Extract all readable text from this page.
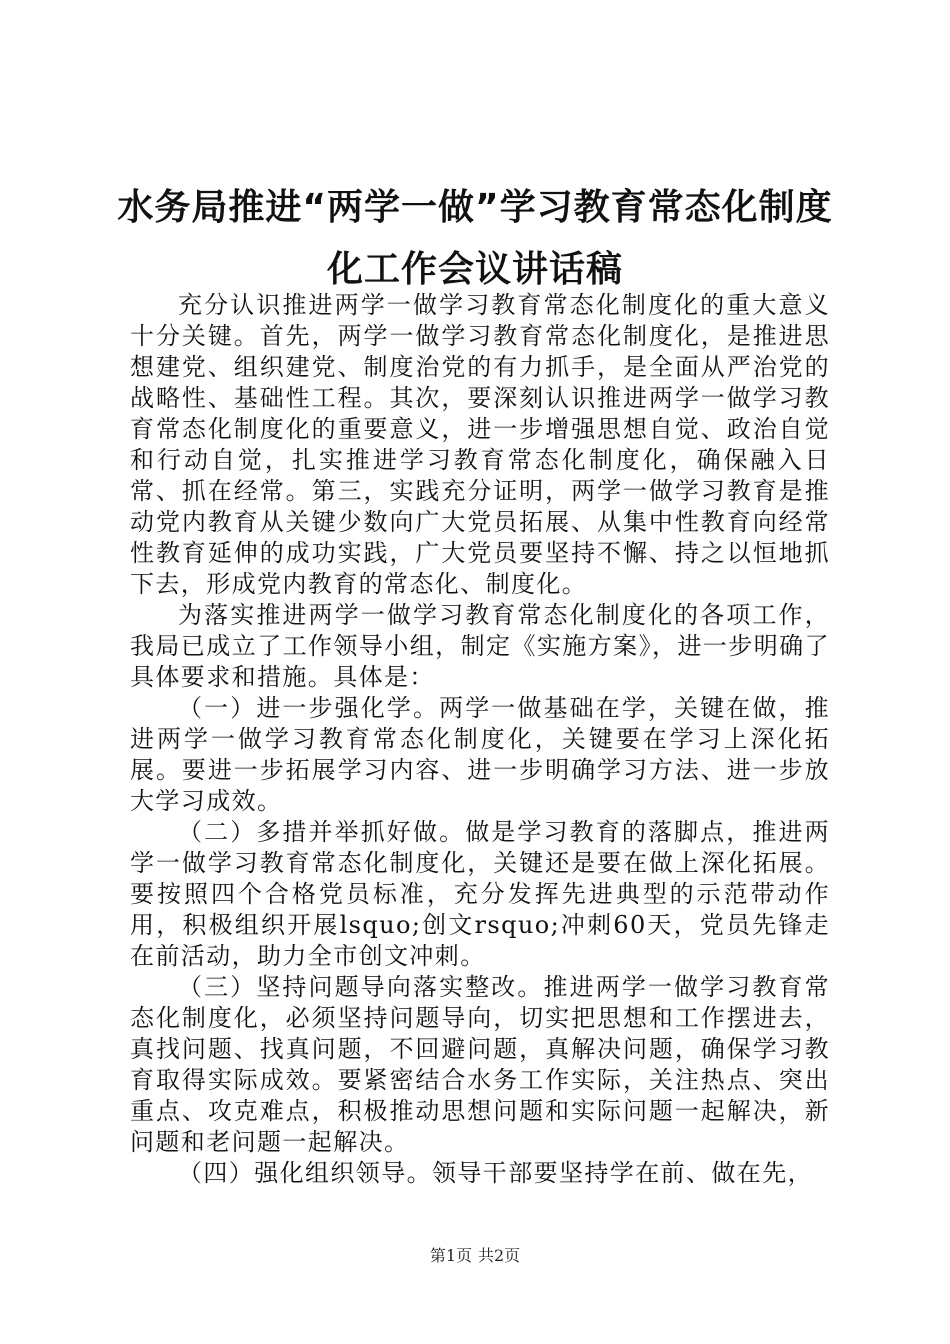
水务局推进“两学一做”学习教育常态化制度
化工作会议讲话稿

充分认识推进两学一做学习教育常态化制度化的重大意义十分关键。首先，两学一做学习教育常态化制度化，是推进思想建党、组织建党、制度治党的有力抓手，是全面从严治党的战略性、基础性工程。其次，要深刻认识推进两学一做学习教育常态化制度化的重要意义，进一步增强思想自觉、政治自觉和行动自觉，扎实推进学习教育常态化制度化，确保融入日常、抓在经常。第三，实践充分证明，两学一做学习教育是推动党内教育从关键少数向广大党员拓展、从集中性教育向经常性教育延伸的成功实践，广大党员要坚持不懈、持之以恒地抓下去，形成党内教育的常态化、制度化。

为落实推进两学一做学习教育常态化制度化的各项工作，我局已成立了工作领导小组，制定《实施方案》，进一步明确了具体要求和措施。具体是：

（一）进一步强化学。两学一做基础在学，关键在做，推进两学一做学习教育常态化制度化，关键要在学习上深化拓展。要进一步拓展学习内容、进一步明确学习方法、进一步放大学习成效。

（二）多措并举抓好做。做是学习教育的落脚点，推进两学一做学习教育常态化制度化，关键还是要在做上深化拓展。要按照四个合格党员标准，充分发挥先进典型的示范带动作用，积极组织开展lsquo;创文rsquo;冲刺60天，党员先锋走在前活动，助力全市创文冲刺。

（三）坚持问题导向落实整改。推进两学一做学习教育常态化制度化，必须坚持问题导向，切实把思想和工作摆进去，真找问题、找真问题，不回避问题，真解决问题，确保学习教育取得实际成效。要紧密结合水务工作实际，关注热点、突出重点、攻克难点，积极推动思想问题和实际问题一起解决，新问题和老问题一起解决。

（四）强化组织领导。领导干部要坚持学在前、做在先，

第1页 共2页
